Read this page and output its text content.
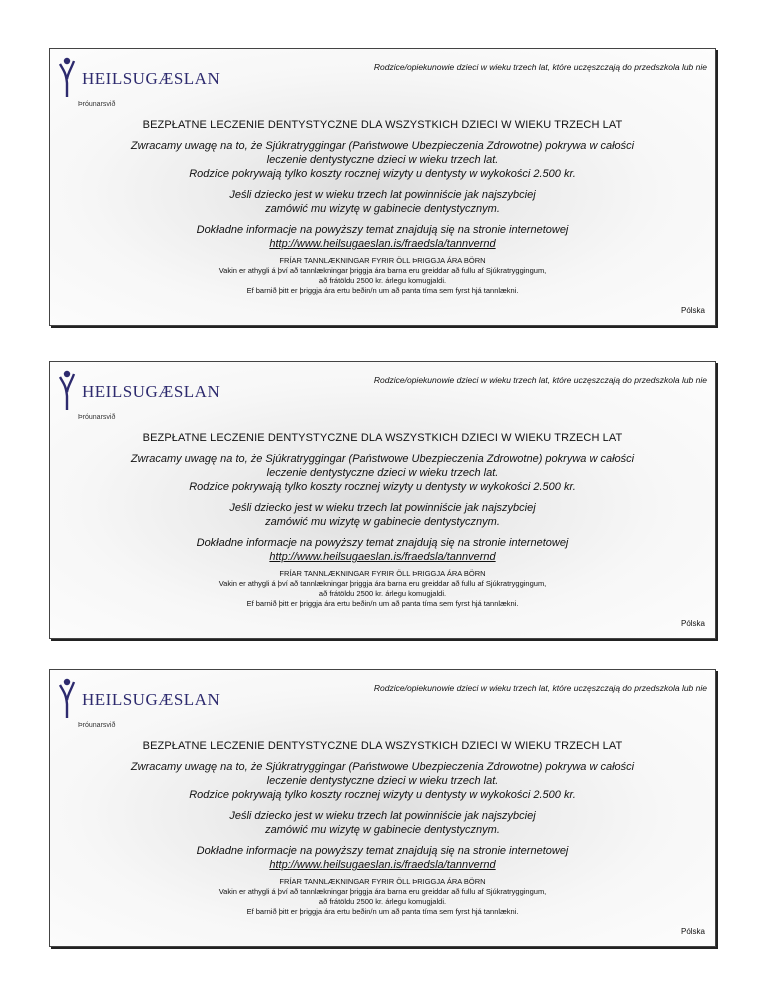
HEILSUGÆSLAN
Þróunarsvið
Rodzice/opiekunowie dzieci w wieku trzech lat, które uczęszczają do przedszkola lub nie

BEZPŁATNE LECZENIE DENTYSTYCZNE DLA WSZYSTKICH DZIECI W WIEKU TRZECH LAT

Zwracamy uwagę na to, że Sjúkratryggingar (Państwowe Ubezpieczenia Zdrowotne) pokrywa w całości
leczenie dentystyczne dzieci w wieku trzech lat.
Rodzice pokrywają tylko koszty rocznej wizyty u dentysty w wykokości 2.500 kr.

Jeśli dziecko jest w wieku trzech lat powinniście jak najszybciej
zamówić mu wizytę w gabinecie dentystycznym.

Dokładne informacje na powyższy temat znajdują się na stronie internetowej
http://www.heilsugaeslan.is/fraedsla/tannvernd

FRÍAR TANNLÆKNINGAR FYRIR ÖLL ÞRIGGJA ÁRA BÖRN
Vakin er athygli á því að tannlækningar þriggja ára barna eru greiddar að fullu af Sjúkratryggingum,
að frátöldu 2500 kr. árlegu komugjaldi.
Ef barnið þitt er þriggja ára ertu beðin/n um að panta tíma sem fyrst hjá tannlækni.
Pólska
HEILSUGÆSLAN
Þróunarsvið
Rodzice/opiekunowie dzieci w wieku trzech lat, które uczęszczają do przedszkola lub nie

BEZPŁATNE LECZENIE DENTYSTYCZNE DLA WSZYSTKICH DZIECI W WIEKU TRZECH LAT

Zwracamy uwagę na to, że Sjúkratryggingar (Państwowe Ubezpieczenia Zdrowotne) pokrywa w całości
leczenie dentystyczne dzieci w wieku trzech lat.
Rodzice pokrywają tylko koszty rocznej wizyty u dentysty w wykokości 2.500 kr.

Jeśli dziecko jest w wieku trzech lat powinniście jak najszybciej
zamówić mu wizytę w gabinecie dentystycznym.

Dokładne informacje na powyższy temat znajdują się na stronie internetowej
http://www.heilsugaeslan.is/fraedsla/tannvernd

FRÍAR TANNLÆKNINGAR FYRIR ÖLL ÞRIGGJA ÁRA BÖRN
Vakin er athygli á því að tannlækningar þriggja ára barna eru greiddar að fullu af Sjúkratryggingum,
að frátöldu 2500 kr. árlegu komugjaldi.
Ef barnið þitt er þriggja ára ertu beðin/n um að panta tíma sem fyrst hjá tannlækni.
Pólska
HEILSUGÆSLAN
Þróunarsvið
Rodzice/opiekunowie dzieci w wieku trzech lat, które uczęszczają do przedszkola lub nie

BEZPŁATNE LECZENIE DENTYSTYCZNE DLA WSZYSTKICH DZIECI W WIEKU TRZECH LAT

Zwracamy uwagę na to, że Sjúkratryggingar (Państwowe Ubezpieczenia Zdrowotne) pokrywa w całości
leczenie dentystyczne dzieci w wieku trzech lat.
Rodzice pokrywają tylko koszty rocznej wizyty u dentysty w wykokości 2.500 kr.

Jeśli dziecko jest w wieku trzech lat powinniście jak najszybciej
zamówić mu wizytę w gabinecie dentystycznym.

Dokładne informacje na powyższy temat znajdują się na stronie internetowej
http://www.heilsugaeslan.is/fraedsla/tannvernd

FRÍAR TANNLÆKNINGAR FYRIR ÖLL ÞRIGGJA ÁRA BÖRN
Vakin er athygli á því að tannlækningar þriggja ára barna eru greiddar að fullu af Sjúkratryggingum,
að frátöldu 2500 kr. árlegu komugjaldi.
Ef barnið þitt er þriggja ára ertu beðin/n um að panta tíma sem fyrst hjá tannlækni.
Pólska
